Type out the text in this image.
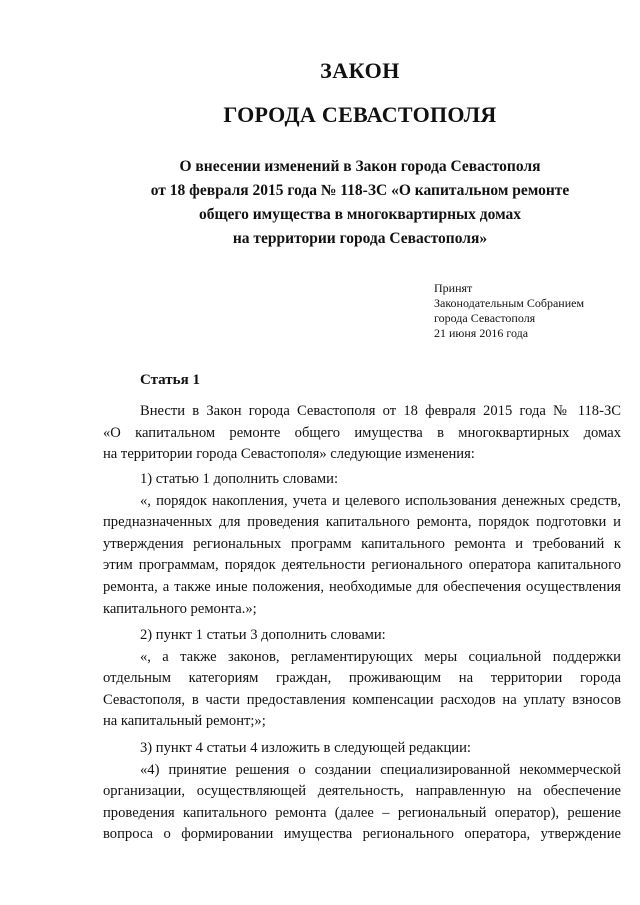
ЗАКОН
ГОРОДА СЕВАСТОПОЛЯ
О внесении изменений в Закон города Севастополя
от 18 февраля 2015 года № 118-ЗС «О капитальном ремонте
общего имущества в многоквартирных домах
на территории города Севастополя»
Принят
Законодательным Собранием
города Севастополя
21 июня 2016 года
Статья 1
Внести в Закон города Севастополя от 18 февраля 2015 года № 118-ЗС
«О капитальном ремонте общего имущества в многоквартирных домах
на территории города Севастополя» следующие изменения:
1) статью 1 дополнить словами:
«, порядок накопления, учета и целевого использования денежных средств,
предназначенных для проведения капитального ремонта, порядок подготовки и
утверждения региональных программ капитального ремонта и требований к
этим программам, порядок деятельности регионального оператора капитального
ремонта, а также иные положения, необходимые для обеспечения осуществления
капитального ремонта.»;
2) пункт 1 статьи 3 дополнить словами:
«, а также законов, регламентирующих меры социальной поддержки
отдельным категориям граждан, проживающим на территории города
Севастополя, в части предоставления компенсации расходов на уплату взносов
на капитальный ремонт;»;
3) пункт 4 статьи 4 изложить в следующей редакции:
«4) принятие решения о создании специализированной некоммерческой
организации, осуществляющей деятельность, направленную на обеспечение
проведения капитального ремонта (далее – региональный оператор), решение
вопроса о формировании имущества регионального оператора, утверждение
